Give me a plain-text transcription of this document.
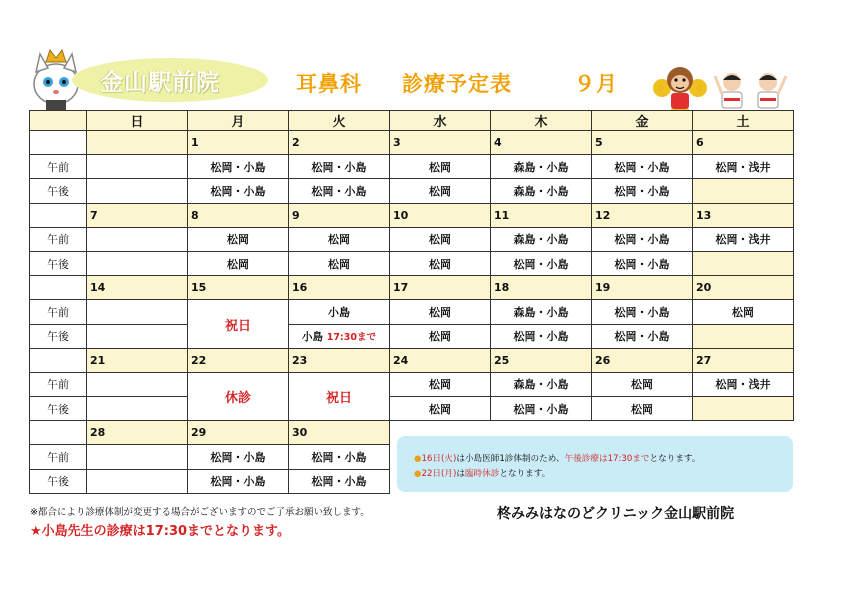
金山駅前院	耳鼻科 診療予定表	９月
	日	月	火	水	木	金	土
		1	2	3	4	5	6
午前		松岡・小島	松岡・小島	松岡	森島・小島	松岡・小島	松岡・浅井
午後		松岡・小島	松岡・小島	松岡	森島・小島	松岡・小島	
	7	8	9	10	11	12	13
午前		松岡	松岡	松岡	森島・小島	松岡・小島	松岡・浅井
午後		松岡	松岡	松岡	松岡・小島	松岡・小島	
	14	15	16	17	18	19	20
午前		祝日	小島	松岡	森島・小島	松岡・小島	松岡
午後			小島 17:30まで	松岡	松岡・小島	松岡・小島	
	21	22	23	24	25	26	27
午前		休診	祝日	松岡	森島・小島	松岡	松岡・浅井
午後				松岡	松岡・小島	松岡	
	28	29	30				
午前		松岡・小島	松岡・小島				
午後		松岡・小島	松岡・小島				
●16日(火)は小島医師1診体制のため、午後診療は17:30までとなります。
●22日(月)は臨時休診となります。
※都合により診療体制が変更する場合がございますのでご了承お願い致します。
★小島先生の診療は17:30までとなります。
柊みみはなのどクリニック金山駅前院
